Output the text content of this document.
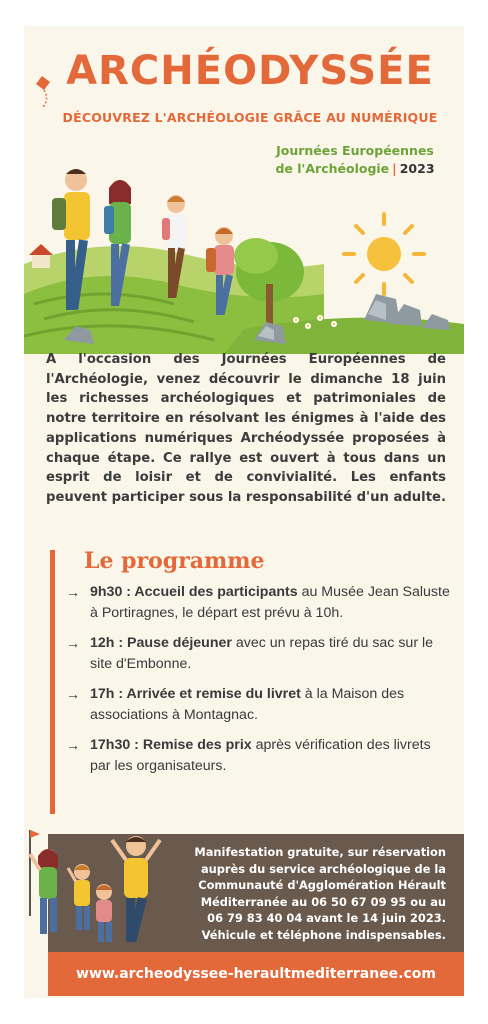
ARCHÉODYSSÉE
DÉCOUVREZ L'ARCHÉOLOGIE GRÂCE AU NUMÉRIQUE
Journées Européennes
de l'Archéologie | 2023
A l'occasion des Journées Européennes de l'Archéologie, venez découvrir le dimanche 18 juin les richesses archéologiques et patrimoniales de notre territoire en résolvant les énigmes à l'aide des applications numériques Archéodyssée proposées à chaque étape. Ce rallye est ouvert à tous dans un esprit de loisir et de convivialité. Les enfants peuvent participer sous la responsabilité d'un adulte.
Le programme
→ 9h30 : Accueil des participants au Musée Jean Saluste à Portiragnes, le départ est prévu à 10h.
→ 12h : Pause déjeuner avec un repas tiré du sac sur le site d'Embonne.
→ 17h : Arrivée et remise du livret à la Maison des associations à Montagnac.
→ 17h30 : Remise des prix après vérification des livrets par les organisateurs.
Manifestation gratuite, sur réservation
auprès du service archéologique de la
Communauté d'Agglomération Hérault
Méditerranée au 06 50 67 09 95 ou au
06 79 83 40 04 avant le 14 juin 2023.
Véhicule et téléphone indispensables.
www.archeodyssee-heraultmediterranee.com
